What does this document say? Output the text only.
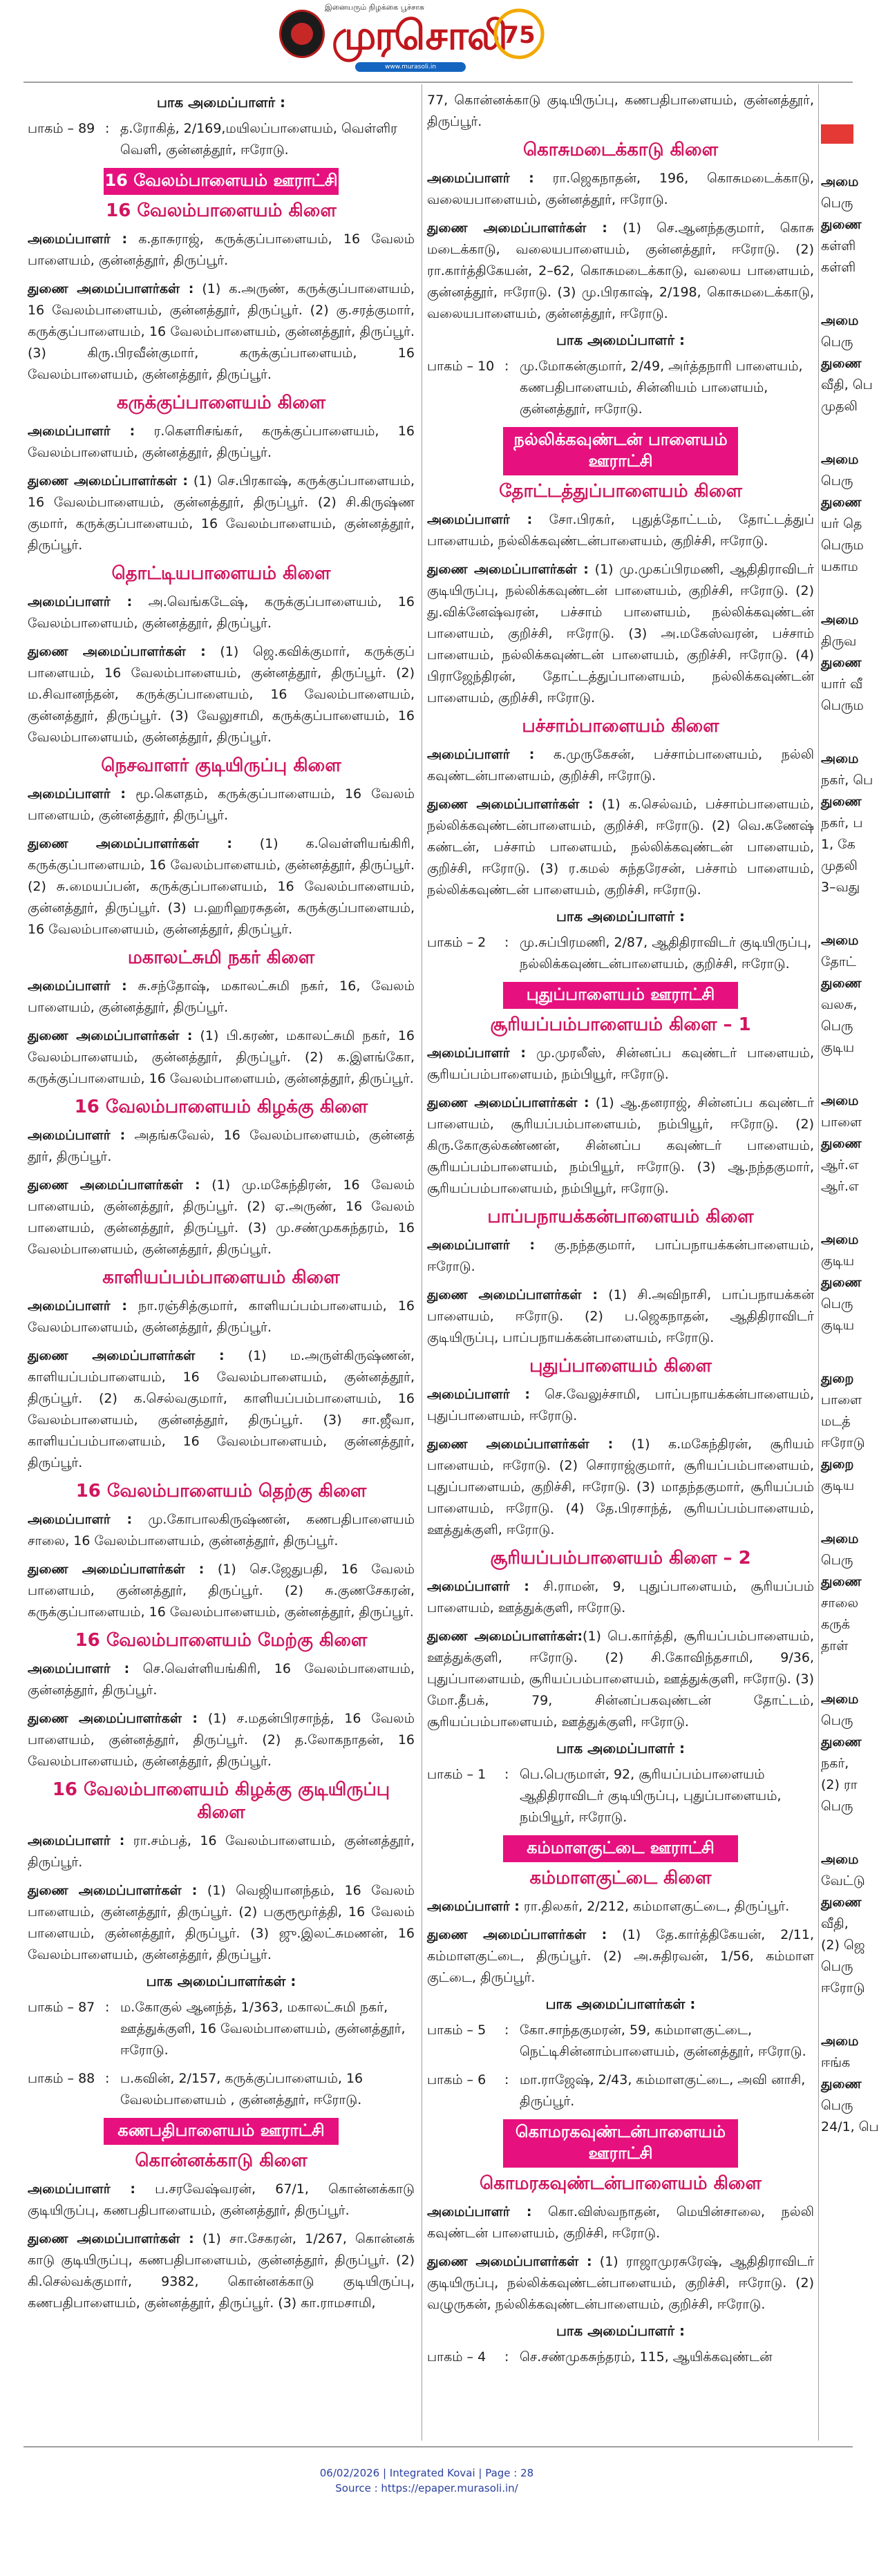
இனையரும் நிழக்கை பூச்சாசு
முரசொலி
75
www.murasoli.in
பாக அமைப்பாளர் :
பாகம் – 89 : த.ரோகித், 2/169,மயிலப்பாளையம், வெள்ளிர வெளி, குன்னத்தூர், ஈரோடு.
16 வேலம்பாளையம் ஊராட்சி
16 வேலம்பாளையம் கிளை
அமைப்பாளர் : க.தாசுராஜ், கருக்குப்பாளையம், 16 வேலம் பாளையம், குன்னத்தூர், திருப்பூர்.
துணை அமைப்பாளர்கள் : (1) க.அருண், கருக்குப்பாளையம், 16 வேலம்பாளையம், குன்னத்தூர், திருப்பூர். (2) கு.சரத்குமார், கருக்குப்பாளையம், 16 வேலம்பாளையம், குன்னத்தூர், திருப்பூர். (3) கிரு.பிரவீன்குமார், கருக்குப்பாளையம், 16 வேலம்பாளையம், குன்னத்தூர், திருப்பூர்.
கருக்குப்பாளையம் கிளை
அமைப்பாளர் : ர.கௌரிசங்கர், கருக்குப்பாளையம், 16 வேலம்பாளையம், குன்னத்தூர், திருப்பூர்.
துணை அமைப்பாளர்கள் : (1) செ.பிரகாஷ், கருக்குப்பாளையம், 16 வேலம்பாளையம், குன்னத்தூர், திருப்பூர். (2) சி.கிருஷ்ண குமார், கருக்குப்பாளையம், 16 வேலம்பாளையம், குன்னத்தூர், திருப்பூர்.
தொட்டியபாளையம் கிளை
அமைப்பாளர் : அ.வெங்கடேஷ், கருக்குப்பாளையம், 16 வேலம்பாளையம், குன்னத்தூர், திருப்பூர்.
துணை அமைப்பாளர்கள் : (1) ஜெ.கவிக்குமார், கருக்குப் பாளையம், 16 வேலம்பாளையம், குன்னத்தூர், திருப்பூர். (2) ம.சிவானந்தன், கருக்குப்பாளையம், 16 வேலம்பாளையம், குன்னத்தூர், திருப்பூர். (3) வேலுசாமி, கருக்குப்பாளையம், 16 வேலம்பாளையம், குன்னத்தூர், திருப்பூர்.
நெசவாளர் குடியிருப்பு கிளை
அமைப்பாளர் : மூ.கௌதம், கருக்குப்பாளையம், 16 வேலம் பாளையம், குன்னத்தூர், திருப்பூர்.
துணை அமைப்பாளர்கள் : (1) க.வெள்ளியங்கிரி, கருக்குப்பாளையம், 16 வேலம்பாளையம், குன்னத்தூர், திருப்பூர். (2) சு.மையப்பன், கருக்குப்பாளையம், 16 வேலம்பாளையம், குன்னத்தூர், திருப்பூர். (3) ப.ஹரிஹரசுதன், கருக்குப்பாளையம், 16 வேலம்பாளையம், குன்னத்தூர், திருப்பூர்.
மகாலட்சுமி நகர் கிளை
அமைப்பாளர் : சு.சந்தோஷ், மகாலட்சுமி நகர், 16, வேலம் பாளையம், குன்னத்தூர், திருப்பூர்.
துணை அமைப்பாளர்கள் : (1) பி.கரண், மகாலட்சுமி நகர், 16 வேலம்பாளையம், குன்னத்தூர், திருப்பூர். (2) க.இளங்கோ, கருக்குப்பாளையம், 16 வேலம்பாளையம், குன்னத்தூர், திருப்பூர்.
16 வேலம்பாளையம் கிழக்கு கிளை
அமைப்பாளர் : அதங்கவேல், 16 வேலம்பாளையம், குன்னத் தூர், திருப்பூர்.
துணை அமைப்பாளர்கள் : (1) மு.மகேந்திரன், 16 வேலம் பாளையம், குன்னத்தூர், திருப்பூர். (2) ஏ.அருண், 16 வேலம் பாளையம், குன்னத்தூர், திருப்பூர். (3) மு.சண்முகசுந்தரம், 16 வேலம்பாளையம், குன்னத்தூர், திருப்பூர்.
காளியப்பம்பாளையம் கிளை
அமைப்பாளர் : நா.ரஞ்சித்குமார், காளியப்பம்பாளையம், 16 வேலம்பாளையம், குன்னத்தூர், திருப்பூர்.
துணை அமைப்பாளர்கள் : (1) ம.அருள்கிருஷ்ணன், காளியப்பம்பாளையம், 16 வேலம்பாளையம், குன்னத்தூர், திருப்பூர். (2) க.செல்வகுமார், காளியப்பம்பாளையம், 16 வேலம்பாளையம், குன்னத்தூர், திருப்பூர். (3) சா.ஜீவா, காளியப்பம்பாளையம், 16 வேலம்பாளையம், குன்னத்தூர், திருப்பூர்.
16 வேலம்பாளையம் தெற்கு கிளை
அமைப்பாளர் : மு.கோபாலகிருஷ்ணன், கணபதிபாளையம் சாலை, 16 வேலம்பாளையம், குன்னத்தூர், திருப்பூர்.
துணை அமைப்பாளர்கள் : (1) செ.ஜேதுபதி, 16 வேலம் பாளையம், குன்னத்தூர், திருப்பூர். (2) சு.குணசேகரன், கருக்குப்பாளையம், 16 வேலம்பாளையம், குன்னத்தூர், திருப்பூர்.
16 வேலம்பாளையம் மேற்கு கிளை
அமைப்பாளர் : செ.வெள்ளியங்கிரி, 16 வேலம்பாளையம், குன்னத்தூர், திருப்பூர்.
துணை அமைப்பாளர்கள் : (1) ச.மதன்பிரசாந்த், 16 வேலம் பாளையம், குன்னத்தூர், திருப்பூர். (2) த.லோகநாதன், 16 வேலம்பாளையம், குன்னத்தூர், திருப்பூர்.
16 வேலம்பாளையம் கிழக்கு குடியிருப்பு கிளை
அமைப்பாளர் : ரா.சம்பத், 16 வேலம்பாளையம், குன்னத்தூர், திருப்பூர்.
துணை அமைப்பாளர்கள் : (1) வெஜியானந்தம், 16 வேலம் பாளையம், குன்னத்தூர், திருப்பூர். (2) பகுரூமூர்த்தி, 16 வேலம் பாளையம், குன்னத்தூர், திருப்பூர். (3) ஜு.இலட்சுமணன், 16 வேலம்பாளையம், குன்னத்தூர், திருப்பூர்.
பாக அமைப்பாளர்கள் :
பாகம் – 87 : ம.கோகுல் ஆனந்த், 1/363, மகாலட்சுமி நகர், ஊத்துக்குளி, 16 வேலம்பாளையம், குன்னத்தூர், ஈரோடு.
பாகம் – 88 : ப.கவின், 2/157, கருக்குப்பாளையம், 16 வேலம்பாளையம் , குன்னத்தூர், ஈரோடு.
கணபதிபாளையம் ஊராட்சி
கொன்னக்காடு கிளை
அமைப்பாளர் : ப.சரவேஷ்வரன், 67/1, கொன்னக்காடு குடியிருப்பு, கணபதிபாளையம், குன்னத்தூர், திருப்பூர்.
துணை அமைப்பாளர்கள் : (1) சா.சேகரன், 1/267, கொன்னக் காடு குடியிருப்பு, கணபதிபாளையம், குன்னத்தூர், திருப்பூர். (2) கி.செல்வக்குமார், 9382, கொன்னக்காடு குடியிருப்பு, கணபதிபாளையம், குன்னத்தூர், திருப்பூர். (3) கா.ராமசாமி,
77, கொன்னக்காடு குடியிருப்பு, கணபதிபாளையம், குன்னத்தூர், திருப்பூர்.
கொசுமடைக்காடு கிளை
அமைப்பாளர் : ரா.ஜெகநாதன், 196, கொசுமடைக்காடு, வலையபாளையம், குன்னத்தூர், ஈரோடு.
துணை அமைப்பாளர்கள் : (1) செ.ஆனந்தகுமார், கொசு மடைக்காடு, வலையபாளையம், குன்னத்தூர், ஈரோடு. (2) ரா.கார்த்திகேயன், 2–62, கொசுமடைக்காடு, வலைய பாளையம், குன்னத்தூர், ஈரோடு. (3) மு.பிரகாஷ், 2/198, கொசுமடைக்காடு, வலையபாளையம், குன்னத்தூர், ஈரோடு.
பாக அமைப்பாளர் :
பாகம் – 10 : மு.மோகன்குமார், 2/49, அர்த்தநாரி பாளையம், கணபதிபாளையம், சின்னியம் பாளையம், குன்னத்தூர், ஈரோடு.
நல்லிக்கவுண்டன் பாளையம் ஊராட்சி
தோட்டத்துப்பாளையம் கிளை
அமைப்பாளர் : சோ.பிரகர், புதுத்தோட்டம், தோட்டத்துப் பாளையம், நல்லிக்கவுண்டன்பாளையம், குறிச்சி, ஈரோடு.
துணை அமைப்பாளர்கள் : (1) மு.முகப்பிரமணி, ஆதிதிராவிடர் குடியிருப்பு, நல்லிக்கவுண்டன் பாளையம், குறிச்சி, ஈரோடு. (2) து.விக்னேஷ்வரன், பச்சாம் பாளையம், நல்லிக்கவுண்டன் பாளையம், குறிச்சி, ஈரோடு. (3) அ.மகேஸ்வரன், பச்சாம் பாளையம், நல்லிக்கவுண்டன் பாளையம், குறிச்சி, ஈரோடு. (4) பிராஜேந்திரன், தோட்டத்துப்பாளையம், நல்லிக்கவுண்டன் பாளையம், குறிச்சி, ஈரோடு.
பச்சாம்பாளையம் கிளை
அமைப்பாளர் : க.முருகேசன், பச்சாம்பாளையம், நல்லி கவுண்டன்பாளையம், குறிச்சி, ஈரோடு.
துணை அமைப்பாளர்கள் : (1) க.செல்வம், பச்சாம்பாளையம், நல்லிக்கவுண்டன்பாளையம், குறிச்சி, ஈரோடு. (2) வெ.கணேஷ் கண்டன், பச்சாம் பாளையம், நல்லிக்கவுண்டன் பாளையம், குறிச்சி, ஈரோடு. (3) ர.கமல் சுந்தரேசன், பச்சாம் பாளையம், நல்லிக்கவுண்டன் பாளையம், குறிச்சி, ஈரோடு.
பாக அமைப்பாளர் :
பாகம் – 2	: மு.சுப்பிரமணி, 2/87, ஆதிதிராவிடர் குடியிருப்பு, நல்லிக்கவுண்டன்பாளையம், குறிச்சி, ஈரோடு.
புதுப்பாளையம் ஊராட்சி
சூரியப்பம்பாளையம் கிளை – 1
அமைப்பாளர் : மு.முரலீஸ், சின்னப்ப கவுண்டர் பாளையம், சூரியப்பம்பாளையம், நம்பியூர், ஈரோடு.
துணை அமைப்பாளர்கள் : (1) ஆ.தனராஜ், சின்னப்ப கவுண்டர் பாளையம், சூரியப்பம்பாளையம், நம்பியூர், ஈரோடு. (2) கிரு.கோகுல்கண்ணன், சின்னப்ப கவுண்டர் பாளையம், சூரியப்பம்பாளையம், நம்பியூர், ஈரோடு. (3) ஆ.நந்தகுமார், சூரியப்பம்பாளையம், நம்பியூர், ஈரோடு.
பாப்பநாயக்கன்பாளையம் கிளை
அமைப்பாளர் : கு.நந்தகுமார், பாப்பநாயக்கன்பாளையம், ஈரோடு.
துணை அமைப்பாளர்கள் : (1) சி.அவிநாசி, பாப்பநாயக்கன் பாளையம், ஈரோடு. (2) ப.ஜெகநாதன், ஆதிதிராவிடர் குடியிருப்பு, பாப்பநாயக்கன்பாளையம், ஈரோடு.
புதுப்பாளையம் கிளை
அமைப்பாளர் : செ.வேலுச்சாமி, பாப்பநாயக்கன்பாளையம், புதுப்பாளையம், ஈரோடு.
துணை அமைப்பாளர்கள் : (1) க.மகேந்திரன், சூரியம் பாளையம், ஈரோடு. (2) சொராஜ்குமார், சூரியப்பம்பாளையம், புதுப்பாளையம், குறிச்சி, ஈரோடு. (3) மாதந்தகுமார், சூரியப்பம் பாளையம், ஈரோடு. (4) தே.பிரசாந்த், சூரியப்பம்பாளையம், ஊத்துக்குளி, ஈரோடு.
சூரியப்பம்பாளையம் கிளை – 2
அமைப்பாளர் : சி.ராமன், 9, புதுப்பாளையம், சூரியப்பம் பாளையம், ஊத்துக்குளி, ஈரோடு.
துணை அமைப்பாளர்கள்:(1) பெ.கார்த்தி, சூரியப்பம்பாளையம், ஊத்துக்குளி, ஈரோடு. (2) சி.கோவிந்தசாமி, 9/36, புதுப்பாளையம், சூரியப்பம்பாளையம், ஊத்துக்குளி, ஈரோடு. (3) மோ.தீபக், 79, சின்னப்பகவுண்டன் தோட்டம், சூரியப்பம்பாளையம், ஊத்துக்குளி, ஈரோடு.
பாக அமைப்பாளர் :
பாகம் – 1	: பெ.பெருமாள், 92, சூரியப்பம்பாளையம் ஆதிதிராவிடர் குடியிருப்பு, புதுப்பாளையம், நம்பியூர், ஈரோடு.
கம்மாளகுட்டை ஊராட்சி
கம்மாளகுட்டை கிளை
அமைப்பாளர் : ரா.திலகர், 2/212, கம்மாளகுட்டை, திருப்பூர்.
துணை அமைப்பாளர்கள் : (1) தே.கார்த்திகேயன், 2/11, கம்மாளகுட்டை, திருப்பூர். (2) அ.சுதிரவன், 1/56, கம்மாள குட்டை, திருப்பூர்.
பாக அமைப்பாளர்கள் :
பாகம் – 5	: கோ.சாந்தகுமரன், 59, கம்மாளகுட்டை, நெட்டிசின்னாம்பாளையம், குன்னத்தூர், ஈரோடு.
பாகம் – 6	: மா.ராஜேஷ், 2/43, கம்மாளகுட்டை, அவி னாசி, திருப்பூர்.
கொமரகவுண்டன்பாளையம் ஊராட்சி
கொமரகவுண்டன்பாளையம் கிளை
அமைப்பாளர் : கொ.விஸ்வநாதன், மெயின்சாலை, நல்லி கவுண்டன் பாளையம், குறிச்சி, ஈரோடு.
துணை அமைப்பாளர்கள் : (1) ராஜாமுரசுரேஷ், ஆதிதிராவிடர் குடியிருப்பு, நல்லிக்கவுண்டன்பாளையம், குறிச்சி, ஈரோடு. (2) வழுருகன், நல்லிக்கவுண்டன்பாளையம், குறிச்சி, ஈரோடு.
பாக அமைப்பாளர் :
பாகம் – 4	: செ.சண்முகசுந்தரம், 115, ஆயிக்கவுண்டன்
அமை
பெரு
துணை
கள்ளி
கள்ளி
அமை
பெரு
துணை
வீதி, பெ
முதலி
அமை
பெரு
துணை
யர் தெ
பெரும
யகாம
அமை
திருவ
துணை
யார் வீ
பெரும
அமை
நகர், பெ
துணை
நகர், ப
1, கே
முதலி
3–வது
அமை
தோட்
துணை
வலசு,
பெரு
குடிய
அமை
பாளை
துணை
ஆர்.எ
ஆர்.எ
அமை
குடிய
துணை
பெரு
குடிய
துறை
பாளை
மடத்
ஈரோடு
துறை
குடிய
அமை
பெரு
துணை
சாலை
கருக்
தாள்
அமை
பெரு
துணை
நகர்,
(2) ரா
பெரு
அமை
வேட்டு
துணை
வீதி,
(2) ஜெ
பெரு
ஈரோடு
அமை
ஈங்க
துணை
பெரு
24/1, பெ
06/02/2026 | Integrated Kovai | Page : 28
Source : https://epaper.murasoli.in/
